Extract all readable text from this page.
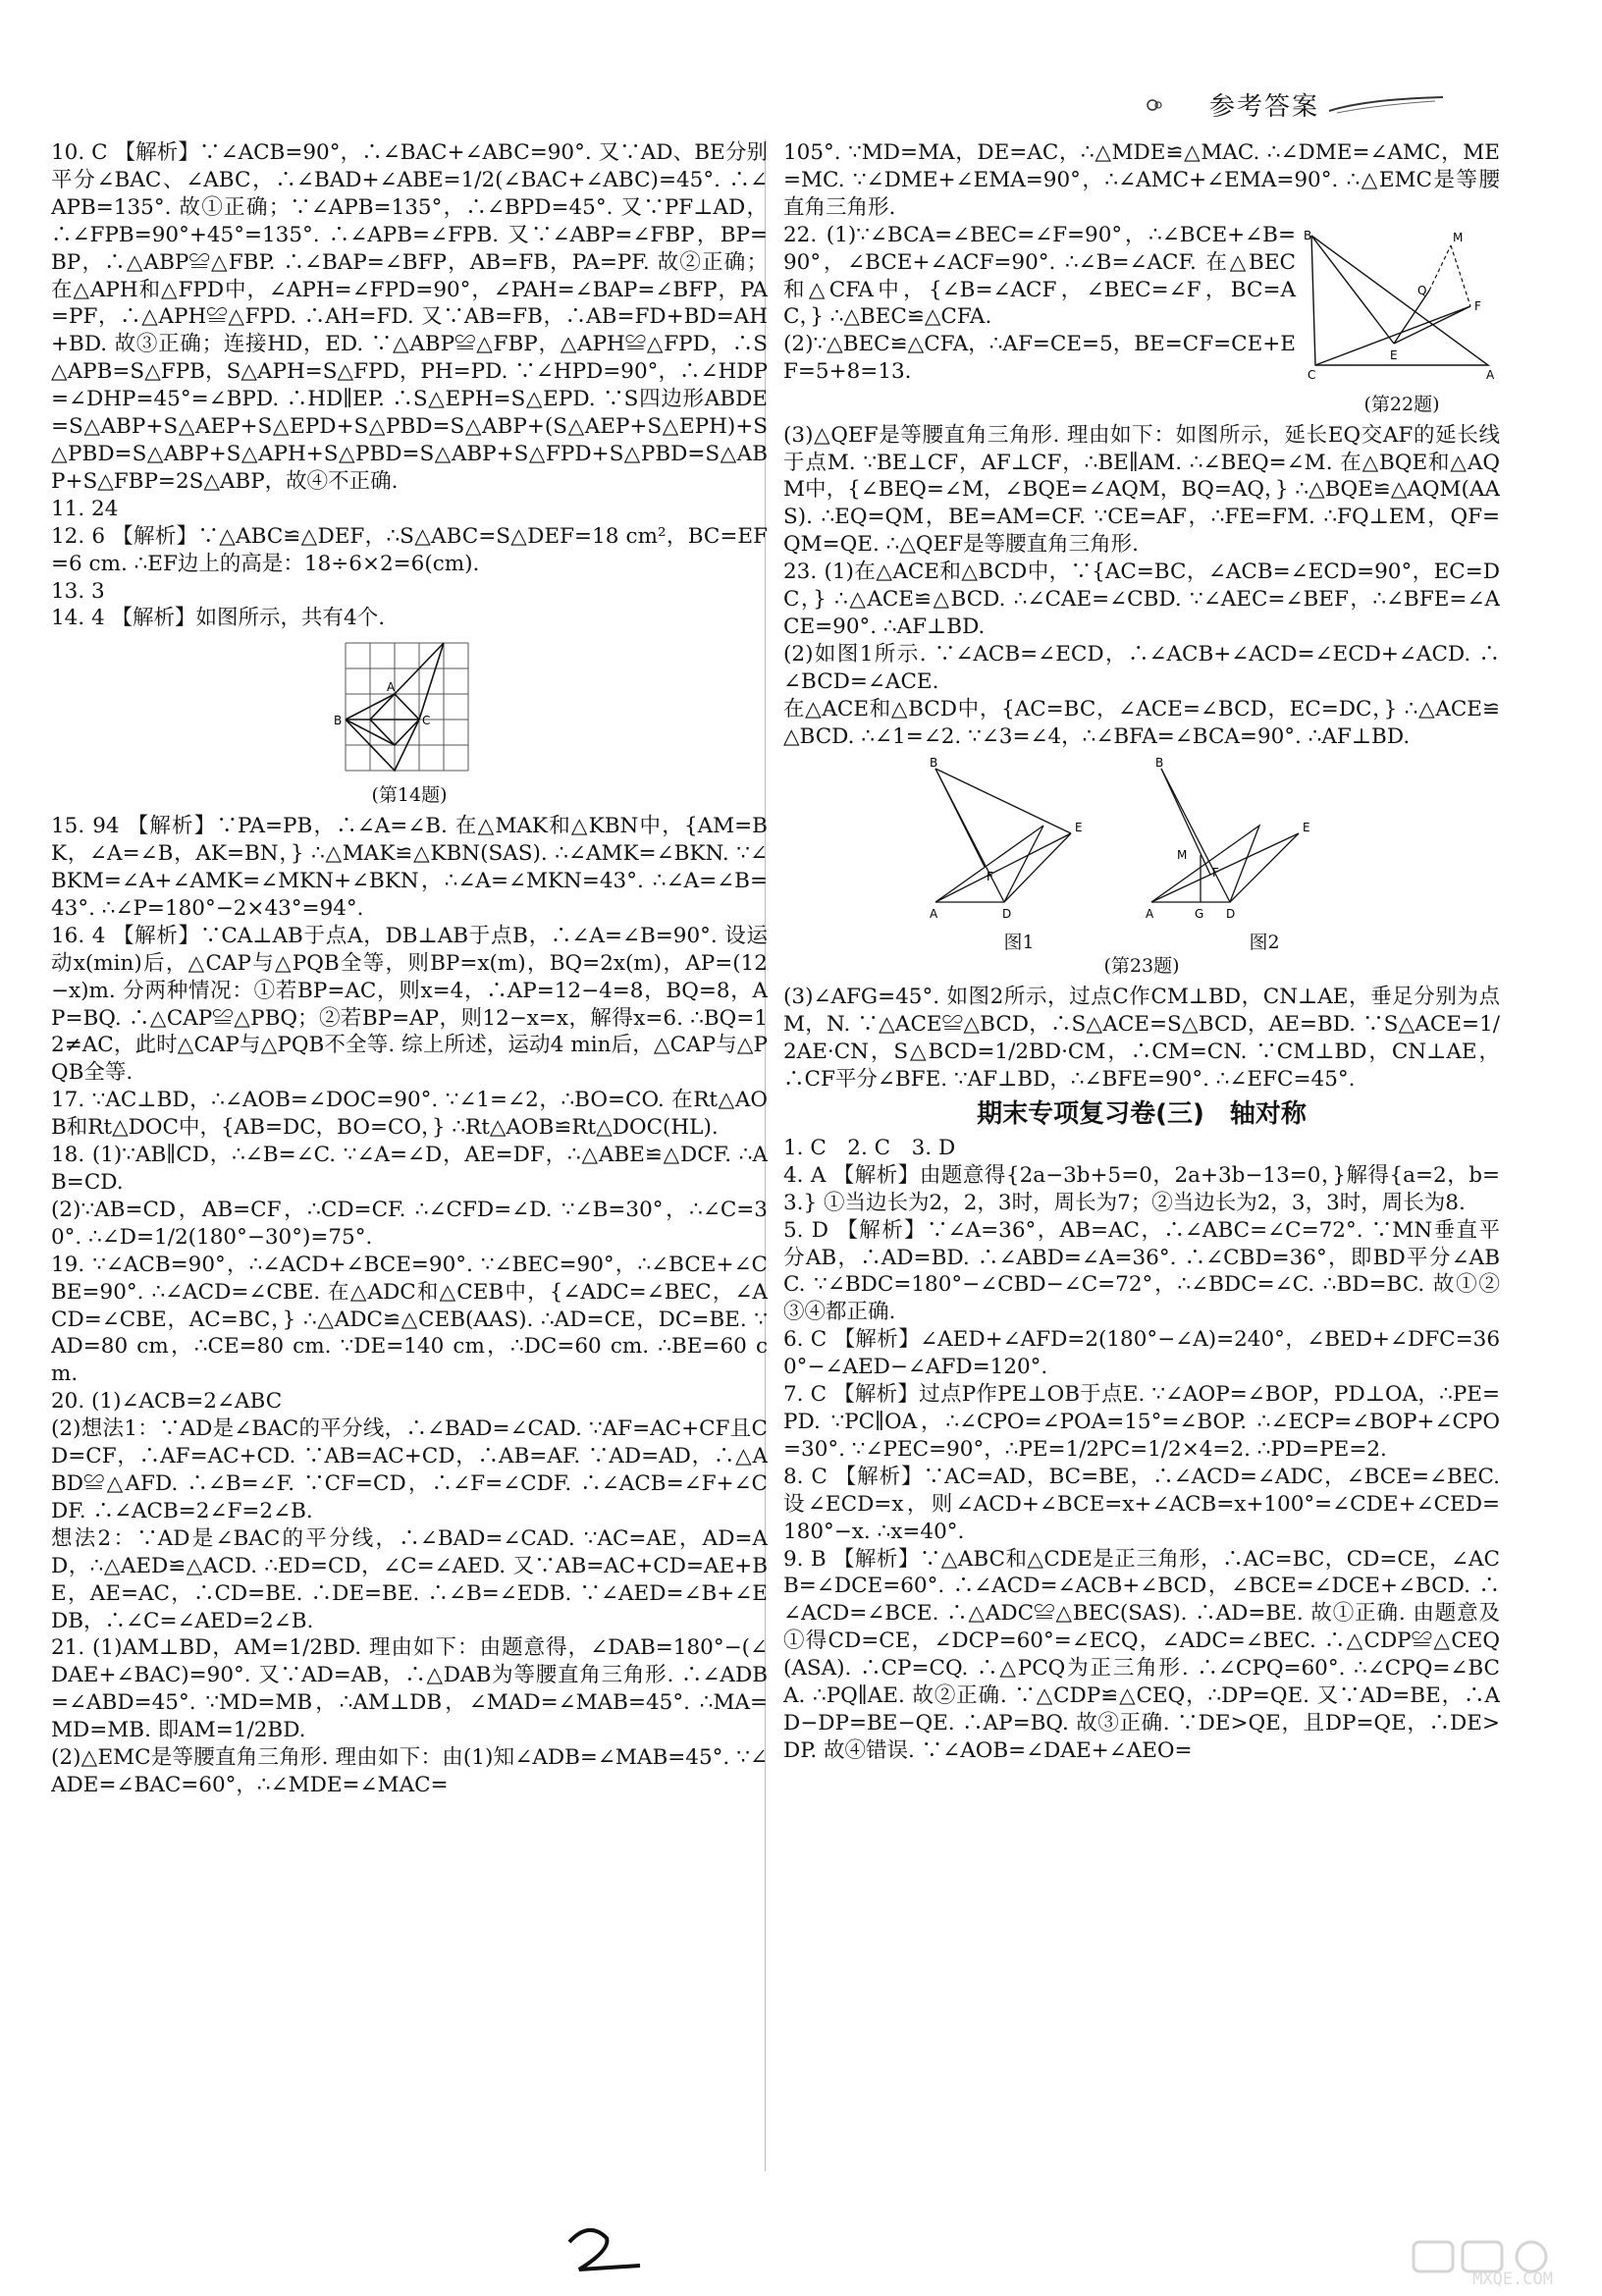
参考答案

10. C 【解析】∵∠ACB=90°，∴∠BAC+∠ABC=90°. 又∵AD、BE分别平分∠BAC、∠ABC，∴∠BAD+∠ABE=1/2(∠BAC+∠ABC)=45°. ∴∠APB=135°. 故①正确；∵∠APB=135°，∴∠BPD=45°. 又∵PF⊥AD，∴∠FPB=90°+45°=135°. ∴∠APB=∠FPB. 又∵∠ABP=∠FBP，BP=BP，∴△ABP≌△FBP. ∴∠BAP=∠BFP，AB=FB，PA=PF. 故②正确；在△APH和△FPD中，∠APH=∠FPD=90°，∠PAH=∠BAP=∠BFP，PA=PF，∴△APH≌△FPD. ∴AH=FD. 又∵AB=FB，∴AB=FD+BD=AH+BD. 故③正确；连接HD，ED. ∵△ABP≌△FBP，△APH≌△FPD，∴S△APB=S△FPB，S△APH=S△FPD，PH=PD. ∵∠HPD=90°，∴∠HDP=∠DHP=45°=∠BPD. ∴HD∥EP. ∴S△EPH=S△EPD. ∵S四边形ABDE=S△ABP+S△AEP+S△EPD+S△PBD=S△ABP+(S△AEP+S△EPH)+S△PBD=S△ABP+S△APH+S△PBD=S△ABP+S△FPD+S△PBD=S△ABP+S△FBP=2S△ABP，故④不正确.

11. 24

12. 6 【解析】∵△ABC≌△DEF，∴S△ABC=S△DEF=18 cm²，BC=EF=6 cm. ∴EF边上的高是：18÷6×2=6(cm).

13. 3

14. 4 【解析】如图所示，共有4个.

B
A
C
(第14题)

15. 94 【解析】∵PA=PB，∴∠A=∠B. 在△MAK和△KBN中，{AM=BK，∠A=∠B，AK=BN，} ∴△MAK≌△KBN(SAS). ∴∠AMK=∠BKN. ∵∠BKM=∠A+∠AMK=∠MKN+∠BKN，∴∠A=∠MKN=43°. ∴∠A=∠B=43°. ∴∠P=180°−2×43°=94°.

16. 4 【解析】∵CA⊥AB于点A，DB⊥AB于点B，∴∠A=∠B=90°. 设运动x(min)后，△CAP与△PQB全等，则BP=x(m)，BQ=2x(m)，AP=(12−x)m. 分两种情况：①若BP=AC，则x=4，∴AP=12−4=8，BQ=8，AP=BQ. ∴△CAP≌△PBQ；②若BP=AP，则12−x=x，解得x=6. ∴BQ=12≠AC，此时△CAP与△PQB不全等. 综上所述，运动4 min后，△CAP与△PQB全等.

17. ∵AC⊥BD，∴∠AOB=∠DOC=90°. ∵∠1=∠2，∴BO=CO. 在Rt△AOB和Rt△DOC中，{AB=DC，BO=CO，} ∴Rt△AOB≌Rt△DOC(HL).

18. (1)∵AB∥CD，∴∠B=∠C. ∵∠A=∠D，AE=DF，∴△ABE≌△DCF. ∴AB=CD.

(2)∵AB=CD，AB=CF，∴CD=CF. ∴∠CFD=∠D. ∵∠B=30°，∴∠C=30°. ∴∠D=1/2(180°−30°)=75°.

19. ∵∠ACB=90°，∴∠ACD+∠BCE=90°. ∵∠BEC=90°，∴∠BCE+∠CBE=90°. ∴∠ACD=∠CBE. 在△ADC和△CEB中，{∠ADC=∠BEC，∠ACD=∠CBE，AC=BC，} ∴△ADC≌△CEB(AAS). ∴AD=CE，DC=BE. ∵AD=80 cm，∴CE=80 cm. ∵DE=140 cm，∴DC=60 cm. ∴BE=60 cm.

20. (1)∠ACB=2∠ABC

(2)想法1：∵AD是∠BAC的平分线，∴∠BAD=∠CAD. ∵AF=AC+CF且CD=CF，∴AF=AC+CD. ∵AB=AC+CD，∴AB=AF. ∵AD=AD，∴△ABD≌△AFD. ∴∠B=∠F. ∵CF=CD，∴∠F=∠CDF. ∴∠ACB=∠F+∠CDF. ∴∠ACB=2∠F=2∠B.

想法2：∵AD是∠BAC的平分线，∴∠BAD=∠CAD. ∵AC=AE，AD=AD，∴△AED≌△ACD. ∴ED=CD，∠C=∠AED. 又∵AB=AC+CD=AE+BE，AE=AC，∴CD=BE. ∴DE=BE. ∴∠B=∠EDB. ∵∠AED=∠B+∠EDB，∴∠C=∠AED=2∠B.

21. (1)AM⊥BD，AM=1/2BD. 理由如下：由题意得，∠DAB=180°−(∠DAE+∠BAC)=90°. 又∵AD=AB，∴△DAB为等腰直角三角形. ∴∠ADB=∠ABD=45°. ∵MD=MB，∴AM⊥DB，∠MAD=∠MAB=45°. ∴MA=MD=MB. 即AM=1/2BD.

(2)△EMC是等腰直角三角形. 理由如下：由(1)知∠ADB=∠MAB=45°. ∵∠ADE=∠BAC=60°，∴∠MDE=∠MAC=

105°. ∵MD=MA，DE=AC，∴△MDE≌△MAC. ∴∠DME=∠AMC，ME=MC. ∵∠DME+∠EMA=90°，∴∠AMC+∠EMA=90°. ∴△EMC是等腰直角三角形.

22. (1)∵∠BCA=∠BEC=∠F=90°，∴∠BCE+∠B=90°，∠BCE+∠ACF=90°. ∴∠B=∠ACF. 在△BEC和△CFA中，{∠B=∠ACF，∠BEC=∠F，BC=AC，} ∴△BEC≌△CFA.

(2)∵△BEC≌△CFA，∴AF=CE=5，BE=CF=CE+EF=5+8=13.

B	M
Q
F
E
C	A
(第22题)

(3)△QEF是等腰直角三角形. 理由如下：如图所示，延长EQ交AF的延长线于点M. ∵BE⊥CF，AF⊥CF，∴BE∥AM. ∴∠BEQ=∠M. 在△BQE和△AQM中，{∠BEQ=∠M，∠BQE=∠AQM，BQ=AQ，} ∴△BQE≌△AQM(AAS). ∴EQ=QM，BE=AM=CF. ∵CE=AF，∴FE=FM. ∴FQ⊥EM，QF=QM=QE. ∴△QEF是等腰直角三角形.

23. (1)在△ACE和△BCD中，∵{AC=BC，∠ACB=∠ECD=90°，EC=DC，} ∴△ACE≌△BCD. ∴∠CAE=∠CBD. ∵∠AEC=∠BEF，∴∠BFE=∠ACE=90°. ∴AF⊥BD.

(2)如图1所示. ∵∠ACB=∠ECD，∴∠ACB+∠ACD=∠ECD+∠ACD. ∴∠BCD=∠ACE.

在△ACE和△BCD中，{AC=BC，∠ACE=∠BCD，EC=DC，} ∴△ACE≌△BCD. ∴∠1=∠2. ∵∠3=∠4，∴∠BFA=∠BCA=90°. ∴AF⊥BD.

B
E
A	D
F
B
E
A	G D
M
F
图1	图2
(第23题)

(3)∠AFG=45°. 如图2所示，过点C作CM⊥BD，CN⊥AE，垂足分别为点M，N. ∵△ACE≌△BCD，∴S△ACE=S△BCD，AE=BD. ∵S△ACE=1/2AE·CN，S△BCD=1/2BD·CM，∴CM=CN. ∵CM⊥BD，CN⊥AE，∴CF平分∠BFE. ∵AF⊥BD，∴∠BFE=90°. ∴∠EFC=45°.

期末专项复习卷(三)　轴对称

1. C　2. C　3. D

4. A 【解析】由题意得{2a−3b+5=0，2a+3b−13=0，}解得{a=2，b=3.} ①当边长为2，2，3时，周长为7；②当边长为2，3，3时，周长为8.

5. D 【解析】∵∠A=36°，AB=AC，∴∠ABC=∠C=72°. ∵MN垂直平分AB，∴AD=BD. ∴∠ABD=∠A=36°. ∴∠CBD=36°，即BD平分∠ABC. ∵∠BDC=180°−∠CBD−∠C=72°，∴∠BDC=∠C. ∴BD=BC. 故①②③④都正确.

6. C 【解析】∠AED+∠AFD=2(180°−∠A)=240°，∠BED+∠DFC=360°−∠AED−∠AFD=120°.

7. C 【解析】过点P作PE⊥OB于点E. ∵∠AOP=∠BOP，PD⊥OA，∴PE=PD. ∵PC∥OA，∴∠CPO=∠POA=15°=∠BOP. ∴∠ECP=∠BOP+∠CPO=30°. ∵∠PEC=90°，∴PE=1/2PC=1/2×4=2. ∴PD=PE=2.

8. C 【解析】∵AC=AD，BC=BE，∴∠ACD=∠ADC，∠BCE=∠BEC. 设∠ECD=x，则∠ACD+∠BCE=x+∠ACB=x+100°=∠CDE+∠CED=180°−x. ∴x=40°.

9. B 【解析】∵△ABC和△CDE是正三角形，∴AC=BC，CD=CE，∠ACB=∠DCE=60°. ∴∠ACD=∠ACB+∠BCD，∠BCE=∠DCE+∠BCD. ∴∠ACD=∠BCE. ∴△ADC≌△BEC(SAS). ∴AD=BE. 故①正确. 由题意及①得CD=CE，∠DCP=60°=∠ECQ，∠ADC=∠BEC. ∴△CDP≌△CEQ(ASA). ∴CP=CQ. ∴△PCQ为正三角形. ∴∠CPQ=60°. ∴∠CPQ=∠BCA. ∴PQ∥AE. 故②正确. ∵△CDP≌△CEQ，∴DP=QE. 又∵AD=BE，∴AD−DP=BE−QE. ∴AP=BQ. 故③正确. ∵DE>QE，且DP=QE，∴DE>DP. 故④错误. ∵∠AOB=∠DAE+∠AEO=

2
MXQE.COM
